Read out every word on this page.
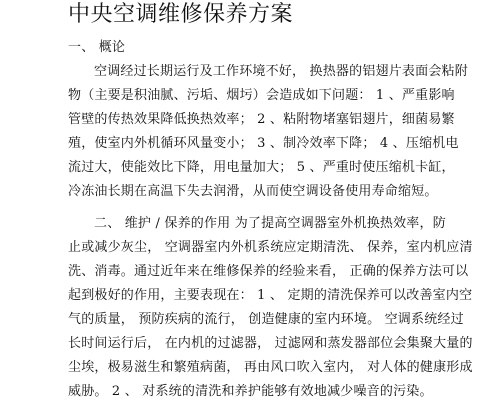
中央空调维修保养方案
一、 概论
空调经过长期运行及工作环境不好， 换热器的铝翅片表面会粘附
物（主要是积油腻、污垢、烟圬）会造成如下问题： 1 、严重影响
管壁的传热效果降低换热效率； 2 、粘附物堵塞铝翅片，细菌易繁
殖，使室内外机循环风量变小； 3 、制冷效率下降； 4 、压缩机电
流过大，使能效比下降，用电量加大； 5 、严重时使压缩机卡缸，
冷冻油长期在高温下失去润滑，从而使空调设备使用寿命缩短。
二、 维护 / 保养的作用 为了提高空调器室外机换热效率，防
止或减少灰尘， 空调器室内外机系统应定期清洗、 保养，室内机应清
洗、消毒。通过近年来在维修保养的经验来看， 正确的保养方法可以
起到极好的作用，主要表现在： 1 、 定期的清洗保养可以改善室内空
气的质量， 预防疾病的流行， 创造健康的室内环境。 空调系统经过
长时间运行后， 在内机的过滤器， 过滤网和蒸发器部位会集聚大量的
尘埃，极易滋生和繁殖病菌， 再由风口吹入室内， 对人体的健康形成
威胁。 2 、 对系统的清洗和养护能够有效地减少噪音的污染。
